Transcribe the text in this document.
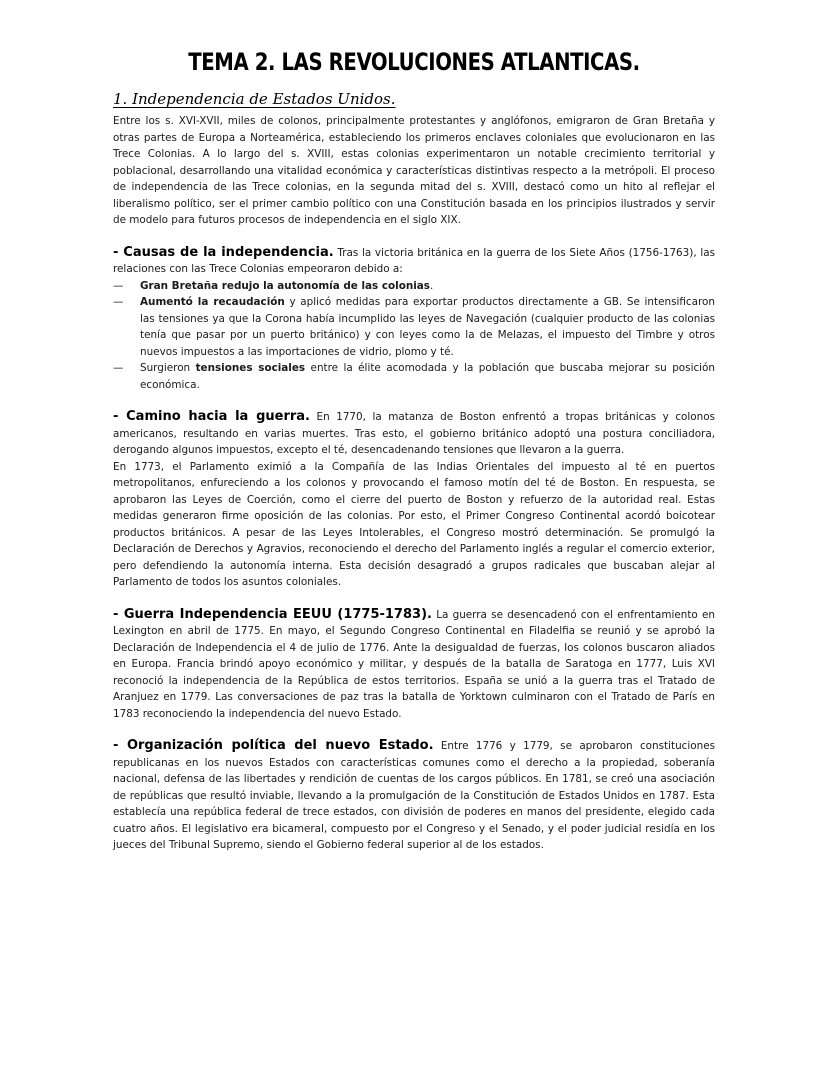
TEMA 2. LAS REVOLUCIONES ATLANTICAS.
1. Independencia de Estados Unidos.

Entre los s. XVI-XVII, miles de colonos, principalmente protestantes y anglófonos, emigraron de Gran Bretaña y otras partes de Europa a Norteamérica, estableciendo los primeros enclaves coloniales que evolucionaron en las Trece Colonias. A lo largo del s. XVIII, estas colonias experimentaron un notable crecimiento territorial y poblacional, desarrollando una vitalidad económica y características distintivas respecto a la metrópoli. El proceso de independencia de las Trece colonias, en la segunda mitad del s. XVIII, destacó como un hito al reflejar el liberalismo político, ser el primer cambio político con una Constitución basada en los principios ilustrados y servir de modelo para futuros procesos de independencia en el siglo XIX.

- Causas de la independencia. Tras la victoria británica en la guerra de los Siete Años (1756-1763), las relaciones con las Trece Colonias empeoraron debido a:

— Gran Bretaña redujo la autonomía de las colonias.
— Aumentó la recaudación y aplicó medidas para exportar productos directamente a GB. Se intensificaron las tensiones ya que la Corona había incumplido las leyes de Navegación (cualquier producto de las colonias tenía que pasar por un puerto británico) y con leyes como la de Melazas, el impuesto del Timbre y otros nuevos impuestos a las importaciones de vidrio, plomo y té.
— Surgieron tensiones sociales entre la élite acomodada y la población que buscaba mejorar su posición económica.

- Camino hacia la guerra. En 1770, la matanza de Boston enfrentó a tropas británicas y colonos americanos, resultando en varias muertes. Tras esto, el gobierno británico adoptó una postura conciliadora, derogando algunos impuestos, excepto el té, desencadenando tensiones que llevaron a la guerra.

En 1773, el Parlamento eximió a la Compañía de las Indias Orientales del impuesto al té en puertos metropolitanos, enfureciendo a los colonos y provocando el famoso motín del té de Boston. En respuesta, se aprobaron las Leyes de Coerción, como el cierre del puerto de Boston y refuerzo de la autoridad real. Estas medidas generaron firme oposición de las colonias. Por esto, el Primer Congreso Continental acordó boicotear productos británicos. A pesar de las Leyes Intolerables, el Congreso mostró determinación. Se promulgó la Declaración de Derechos y Agravios, reconociendo el derecho del Parlamento inglés a regular el comercio exterior, pero defendiendo la autonomía interna. Esta decisión desagradó a grupos radicales que buscaban alejar al Parlamento de todos los asuntos coloniales.

- Guerra Independencia EEUU (1775-1783). La guerra se desencadenó con el enfrentamiento en Lexington en abril de 1775. En mayo, el Segundo Congreso Continental en Filadelfia se reunió y se aprobó la Declaración de Independencia el 4 de julio de 1776. Ante la desigualdad de fuerzas, los colonos buscaron aliados en Europa. Francia brindó apoyo económico y militar, y después de la batalla de Saratoga en 1777, Luis XVI reconoció la independencia de la República de estos territorios. España se unió a la guerra tras el Tratado de Aranjuez en 1779. Las conversaciones de paz tras la batalla de Yorktown culminaron con el Tratado de París en 1783 reconociendo la independencia del nuevo Estado.

- Organización política del nuevo Estado. Entre 1776 y 1779, se aprobaron constituciones republicanas en los nuevos Estados con características comunes como el derecho a la propiedad, soberanía nacional, defensa de las libertades y rendición de cuentas de los cargos públicos. En 1781, se creó una asociación de repúblicas que resultó inviable, llevando a la promulgación de la Constitución de Estados Unidos en 1787. Esta establecía una república federal de trece estados, con división de poderes en manos del presidente, elegido cada cuatro años. El legislativo era bicameral, compuesto por el Congreso y el Senado, y el poder judicial residía en los jueces del Tribunal Supremo, siendo el Gobierno federal superior al de los estados.
